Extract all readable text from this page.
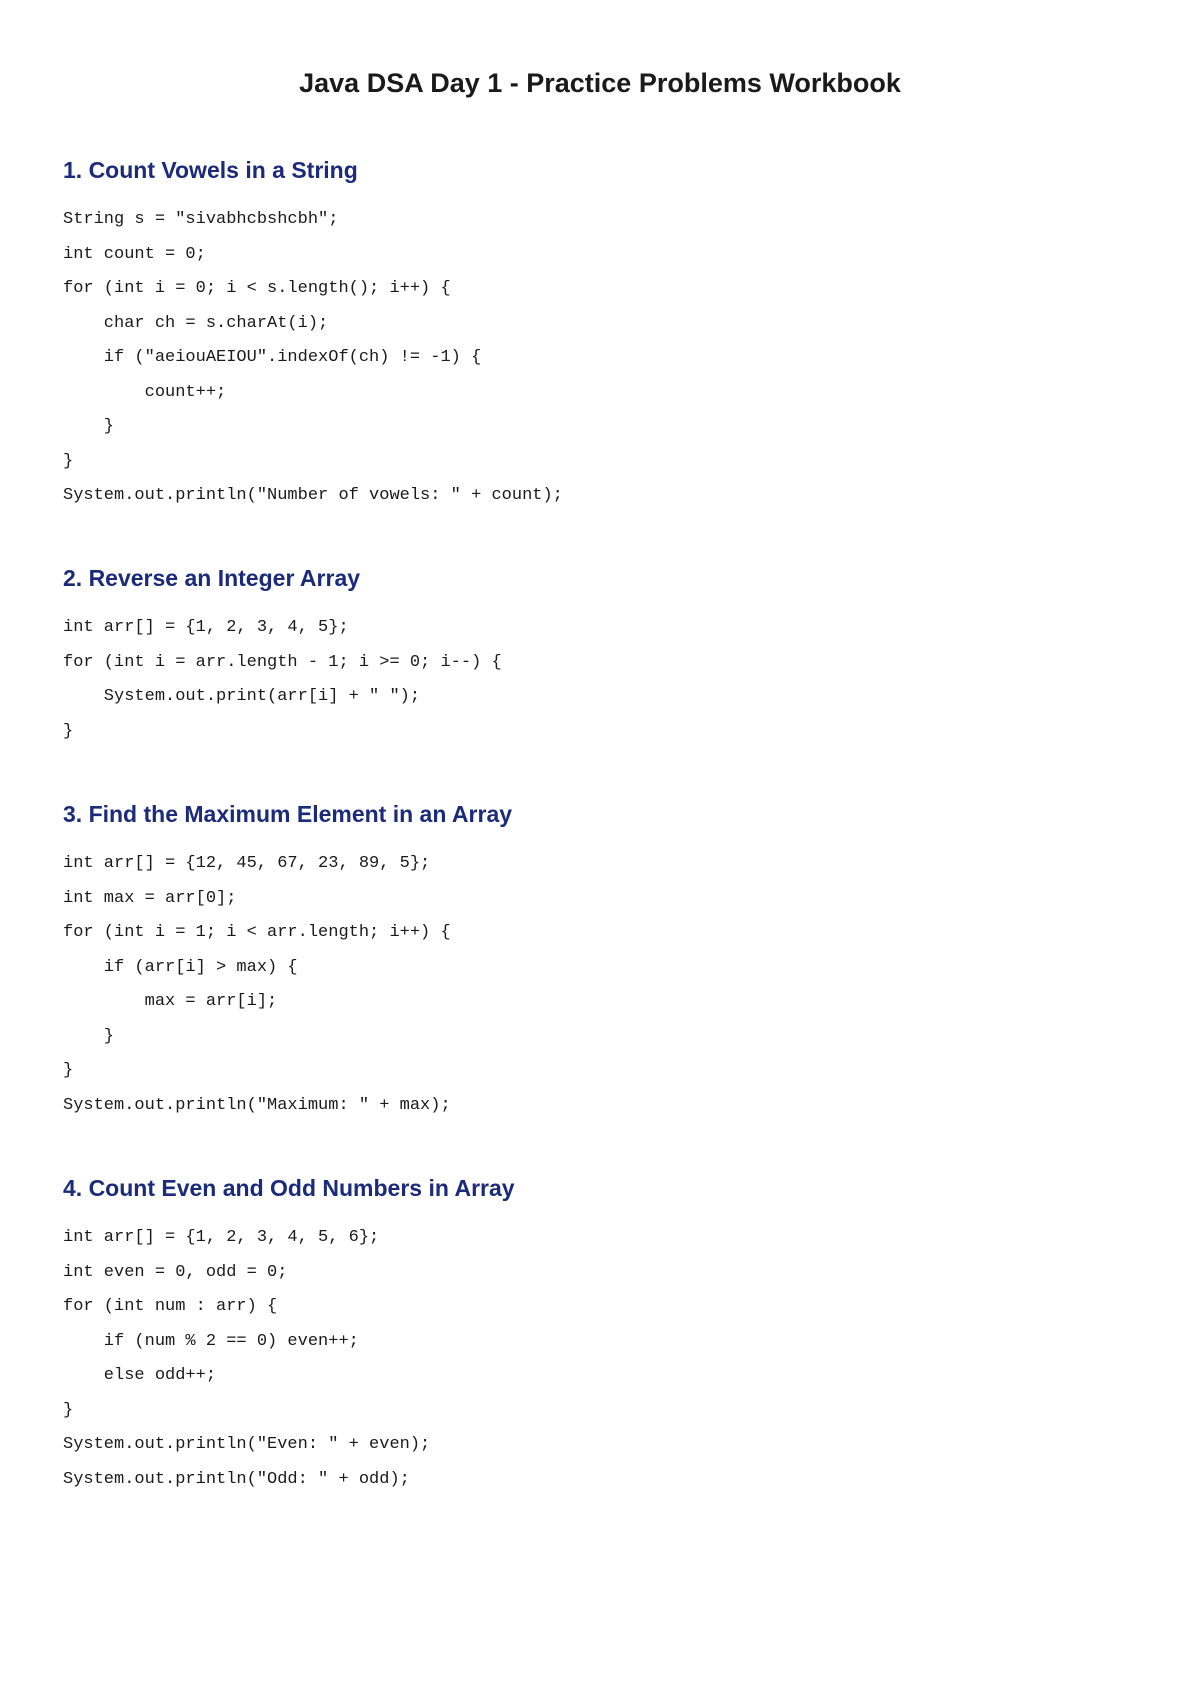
Java DSA Day 1 - Practice Problems Workbook
1. Count Vowels in a String
String s = "sivabhcbshcbh";
int count = 0;
for (int i = 0; i < s.length(); i++) {
char ch = s.charAt(i);
if ("aeiouAEIOU".indexOf(ch) != -1) {
count++;
}
}
System.out.println("Number of vowels: " + count);
2. Reverse an Integer Array
int arr[] = {1, 2, 3, 4, 5};
for (int i = arr.length - 1; i >= 0; i--) {
System.out.print(arr[i] + " ");
}
3. Find the Maximum Element in an Array
int arr[] = {12, 45, 67, 23, 89, 5};
int max = arr[0];
for (int i = 1; i < arr.length; i++) {
if (arr[i] > max) {
max = arr[i];
}
}
System.out.println("Maximum: " + max);
4. Count Even and Odd Numbers in Array
int arr[] = {1, 2, 3, 4, 5, 6};
int even = 0, odd = 0;
for (int num : arr) {
if (num % 2 == 0) even++;
else odd++;
}
System.out.println("Even: " + even);
System.out.println("Odd: " + odd);
